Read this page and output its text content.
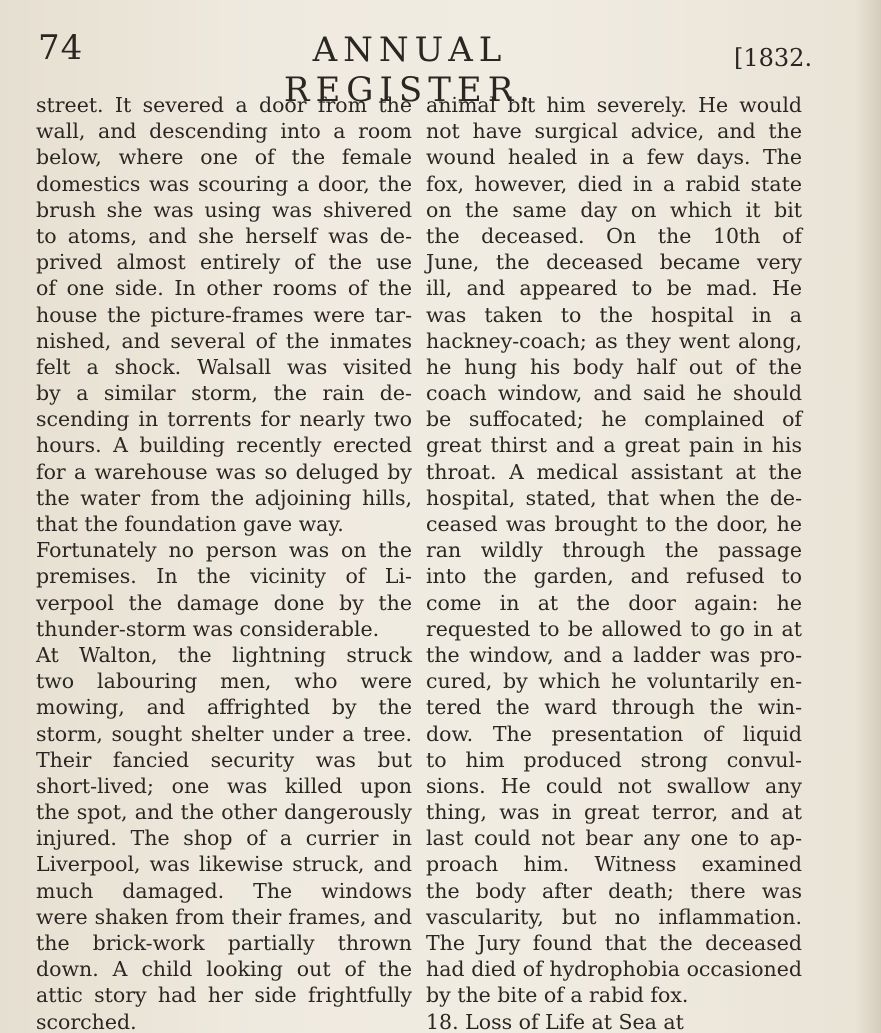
74	ANNUAL REGISTER.
[1832.
street. It severed a door from the
wall, and descending into a room
below, where one of the female
domestics was scouring a door, the
brush she was using was shivered
to atoms, and she herself was de-
prived almost entirely of the use
of one side. In other rooms of the
house the picture-frames were tar-
nished, and several of the inmates
felt a shock. Walsall was visited
by a similar storm, the rain de-
scending in torrents for nearly two
hours. A building recently erected
for a warehouse was so deluged by
the water from the adjoining hills,
that the foundation gave way.
Fortunately no person was on the
premises. In the vicinity of Li-
verpool the damage done by the
thunder-storm was considerable.
At Walton, the lightning struck
two labouring men, who were
mowing, and affrighted by the
storm, sought shelter under a tree.
Their fancied security was but
short-lived; one was killed upon
the spot, and the other dangerously
injured. The shop of a currier in
Liverpool, was likewise struck, and
much damaged. The windows
were shaken from their frames, and
the brick-work partially thrown
down. A child looking out of the
attic story had her side frightfully
scorched.
animal bit him severely. He would
not have surgical advice, and the
wound healed in a few days. The
fox, however, died in a rabid state
on the same day on which it bit
the deceased. On the 10th of
June, the deceased became very
ill, and appeared to be mad. He
was taken to the hospital in a
hackney-coach; as they went along,
he hung his body half out of the
coach window, and said he should
be suffocated; he complained of
great thirst and a great pain in his
throat. A medical assistant at the
hospital, stated, that when the de-
ceased was brought to the door, he
ran wildly through the passage
into the garden, and refused to
come in at the door again: he
requested to be allowed to go in at
the window, and a ladder was pro-
cured, by which he voluntarily en-
tered the ward through the win-
dow. The presentation of liquid
to him produced strong convul-
sions. He could not swallow any
thing, was in great terror, and at
last could not bear any one to ap-
proach him. Witness examined
the body after death; there was
vascularity, but no inflammation.
The Jury found that the deceased
had died of hydrophobia occasioned
by the bite of a rabid fox.
18. Loss of Life at Sea at
